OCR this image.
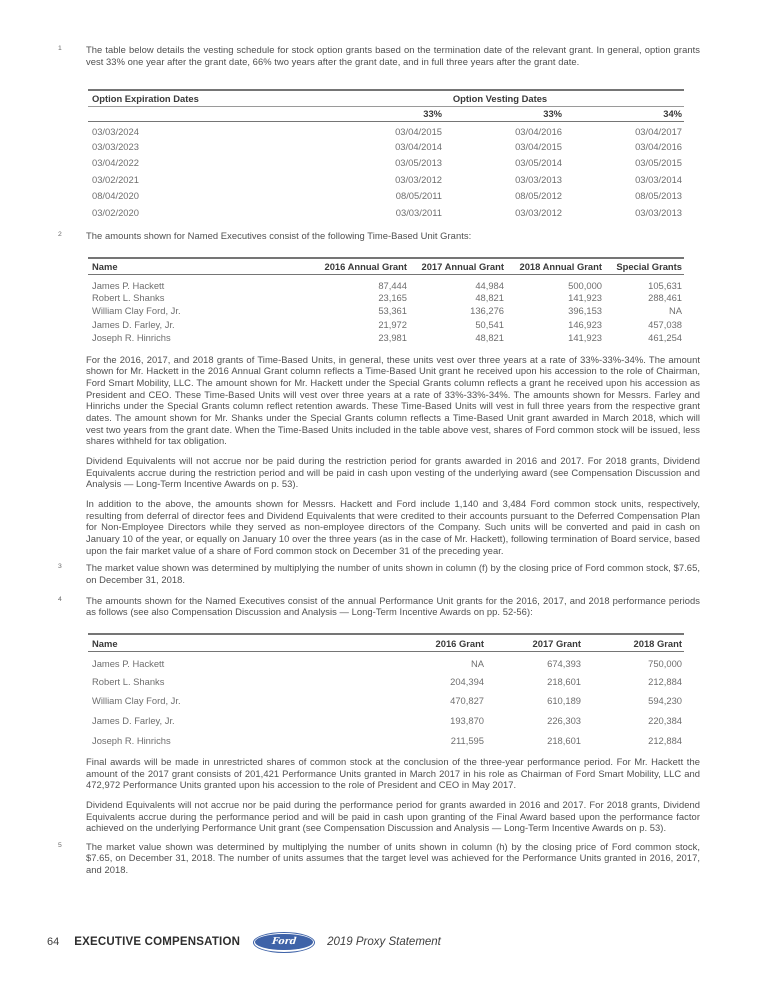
1	The table below details the vesting schedule for stock option grants based on the termination date of the relevant grant. In general, option grants vest 33% one year after the grant date, 66% two years after the grant date, and in full three years after the grant date.

Option Expiration Dates	Option Vesting Dates		
	33%	33%	34%
03/03/2024	03/04/2015	03/04/2016	03/04/2017
03/03/2023	03/04/2014	03/04/2015	03/04/2016
03/04/2022	03/05/2013	03/05/2014	03/05/2015
03/02/2021	03/03/2012	03/03/2013	03/03/2014
08/04/2020	08/05/2011	08/05/2012	08/05/2013
03/02/2020	03/03/2011	03/03/2012	03/03/2013
2	The amounts shown for Named Executives consist of the following Time-Based Unit Grants:

Name	2016 Annual Grant	2017 Annual Grant	2018 Annual Grant	Special Grants
James P. Hackett	87,444	44,984	500,000	105,631
Robert L. Shanks	23,165	48,821	141,923	288,461
William Clay Ford, Jr.	53,361	136,276	396,153	NA
James D. Farley, Jr.	21,972	50,541	146,923	457,038
Joseph R. Hinrichs	23,981	48,821	141,923	461,254

For the 2016, 2017, and 2018 grants of Time-Based Units, in general, these units vest over three years at a rate of 33%-33%-34%. The amount shown for Mr. Hackett in the 2016 Annual Grant column reflects a Time-Based Unit grant he received upon his accession to the role of Chairman, Ford Smart Mobility, LLC. The amount shown for Mr. Hackett under the Special Grants column reflects a grant he received upon his accession as President and CEO. These Time-Based Units will vest over three years at a rate of 33%-33%-34%. The amounts shown for Messrs. Farley and Hinrichs under the Special Grants column reflect retention awards. These Time-Based Units will vest in full three years from the respective grant dates. The amount shown for Mr. Shanks under the Special Grants column reflects a Time-Based Unit grant awarded in March 2018, which will vest two years from the grant date. When the Time-Based Units included in the table above vest, shares of Ford common stock will be issued, less shares withheld for tax obligation.

Dividend Equivalents will not accrue nor be paid during the restriction period for grants awarded in 2016 and 2017. For 2018 grants, Dividend Equivalents accrue during the restriction period and will be paid in cash upon vesting of the underlying award (see Compensation Discussion and Analysis — Long-Term Incentive Awards on p. 53).

In addition to the above, the amounts shown for Messrs. Hackett and Ford include 1,140 and 3,484 Ford common stock units, respectively, resulting from deferral of director fees and Dividend Equivalents that were credited to their accounts pursuant to the Deferred Compensation Plan for Non-Employee Directors while they served as non-employee directors of the Company. Such units will be converted and paid in cash on January 10 of the year, or equally on January 10 over the three years (as in the case of Mr. Hackett), following termination of Board service, based upon the fair market value of a share of Ford common stock on December 31 of the preceding year.

3	The market value shown was determined by multiplying the number of units shown in column (f) by the closing price of Ford common stock, $7.65, on December 31, 2018.

4	The amounts shown for the Named Executives consist of the annual Performance Unit grants for the 2016, 2017, and 2018 performance periods as follows (see also Compensation Discussion and Analysis — Long-Term Incentive Awards on pp. 52-56):

Name	2016 Grant	2017 Grant	2018 Grant
James P. Hackett	NA	674,393	750,000
Robert L. Shanks	204,394	218,601	212,884
William Clay Ford, Jr.	470,827	610,189	594,230
James D. Farley, Jr.	193,870	226,303	220,384
Joseph R. Hinrichs	211,595	218,601	212,884

Final awards will be made in unrestricted shares of common stock at the conclusion of the three-year performance period. For Mr. Hackett the amount of the 2017 grant consists of 201,421 Performance Units granted in March 2017 in his role as Chairman of Ford Smart Mobility, LLC and 472,972 Performance Units granted upon his accession to the role of President and CEO in May 2017.

Dividend Equivalents will not accrue nor be paid during the performance period for grants awarded in 2016 and 2017. For 2018 grants, Dividend Equivalents accrue during the performance period and will be paid in cash upon granting of the Final Award based upon the performance factor achieved on the underlying Performance Unit grant (see Compensation Discussion and Analysis — Long-Term Incentive Awards on p. 53).

5	The market value shown was determined by multiplying the number of units shown in column (h) by the closing price of Ford common stock, $7.65, on December 31, 2018. The number of units assumes that the target level was achieved for the Performance Units granted in 2016, 2017, and 2018.

64 EXECUTIVE COMPENSATION	Ford	2019 Proxy Statement
